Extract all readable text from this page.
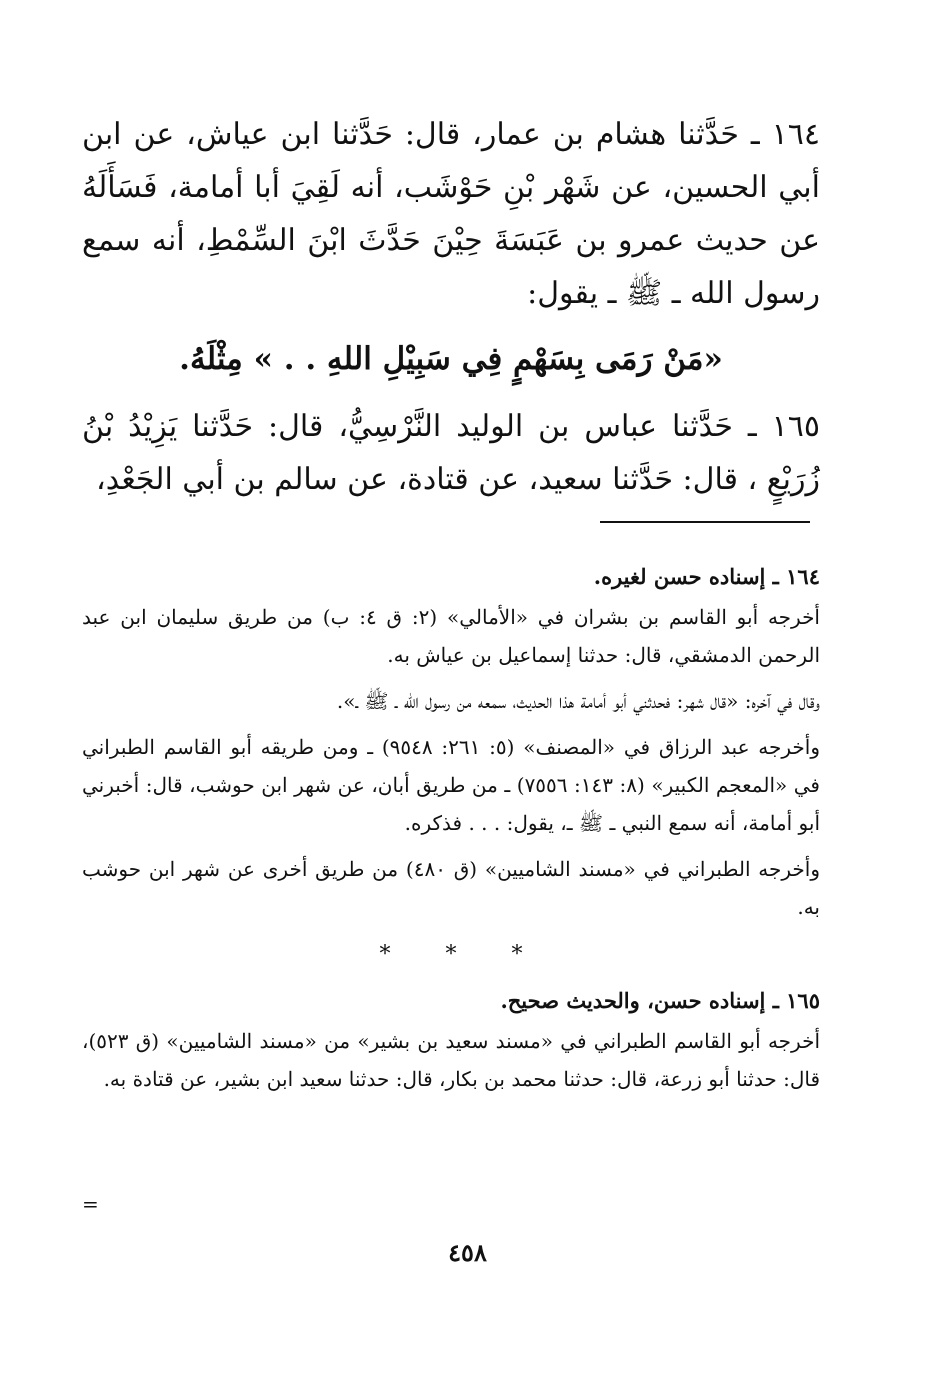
١٦٤ ـ حَدَّثنا هشام بن عمار، قال: حَدَّثنا ابن عياش، عن ابن أبي الحسين، عن شَهْر بْنِ حَوْشَب، أنه لَقِيَ أبا أمامة، فَسَأَلَهُ عن حديث عمرو بن عَبَسَةَ حِيْنَ حَدَّثَ ابْنَ السِّمْطِ، أنه سمع رسول الله ـ ﷺ ـ يقول:

«مَنْ رَمَى بِسَهْمٍ فِي سَبِيْلِ اللهِ . . » مِثْلَهُ.

١٦٥ ـ حَدَّثنا عباس بن الوليد النَّرْسِيُّ، قال: حَدَّثنا يَزِيْدُ بْنُ زُرَيْعٍ ، قال: حَدَّثنا سعيد، عن قتادة، عن سالم بن أبي الجَعْدِ،

١٦٤ ـ إسناده حسن لغيره.

أخرجه أبو القاسم بن بشران في «الأمالي» (٢: ق ٤: ب) من طريق سليمان ابن عبد الرحمن الدمشقي، قال: حدثنا إسماعيل بن عياش به.

وقال في آخره: «قال شهر: فحدثني أبو أمامة هذا الحديث، سمعه من رسول الله ـ ﷺ ـ».

وأخرجه عبد الرزاق في «المصنف» (٥: ٢٦١: ٩٥٤٨) ـ ومن طريقه أبو القاسم الطبراني في «المعجم الكبير» (٨: ١٤٣: ٧٥٥٦) ـ من طريق أبان، عن شهر ابن حوشب، قال: أخبرني أبو أمامة، أنه سمع النبي ـ ﷺ ـ، يقول: . . . فذكره.

وأخرجه الطبراني في «مسند الشاميين» (ق ٤٨٠) من طريق أخرى عن شهر ابن حوشب به.

* * *

١٦٥ ـ إسناده حسن، والحديث صحيح.

أخرجه أبو القاسم الطبراني في «مسند سعيد بن بشير» من «مسند الشاميين» (ق ٥٢٣)، قال: حدثنا أبو زرعة، قال: حدثنا محمد بن بكار، قال: حدثنا سعيد ابن بشير، عن قتادة به.

=
٤٥٨
